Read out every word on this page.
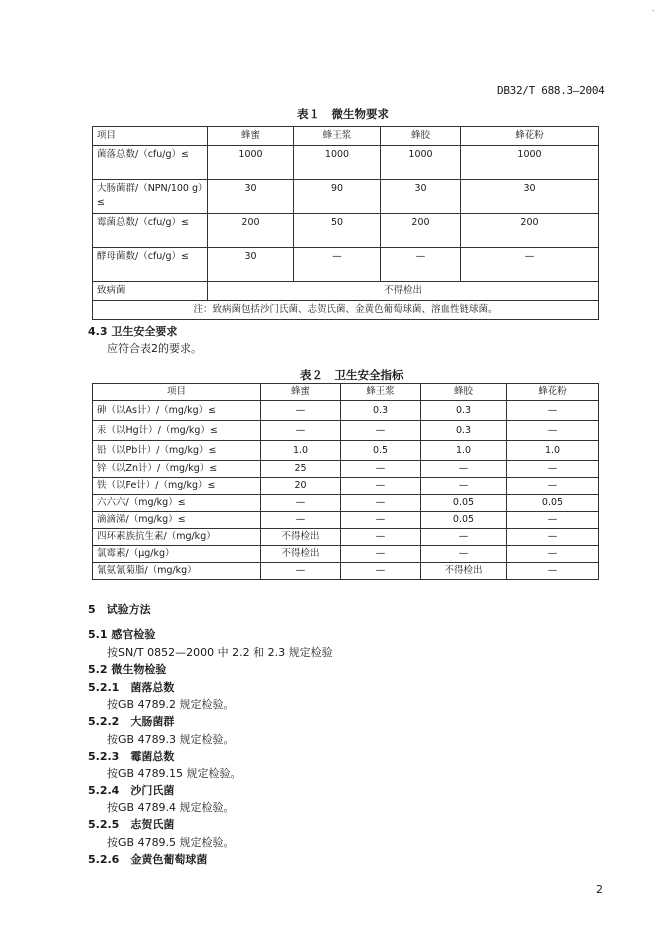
-
DB32/T 688.3—2004
表１　微生物要求
项目	蜂蜜	蜂王浆	蜂胶	蜂花粉
菌落总数/（cfu/g）≤	1000	1000	1000	1000
大肠菌群/（NPN/100 g）≤	30	90	30	30
霉菌总数/（cfu/g）≤	200	50	200	200
酵母菌数/（cfu/g）≤	30	—	—	—
致病菌	不得检出			
注：致病菌包括沙门氏菌、志贺氏菌、金黄色葡萄球菌、溶血性链球菌。				
4.3 卫生安全要求
应符合表2的要求。
表２　卫生安全指标
项目	蜂蜜	蜂王浆	蜂胶	蜂花粉
砷（以As计）/（mg/kg）≤	—	0.3	0.3	—
汞（以Hg计）/（mg/kg）≤	—	—	0.3	—
铅（以Pb计）/（mg/kg）≤	1.0	0.5	1.0	1.0
锌（以Zn计）/（mg/kg）≤	25	—	—	—
铁（以Fe计）/（mg/kg）≤	20	—	—	—
六六六/（mg/kg）≤	—	—	0.05	0.05
滴滴涕/（mg/kg）≤	—	—	0.05	—
四环素族抗生素/（mg/kg）	不得检出	—	—	—
氯霉素/（μg/kg）	不得检出	—	—	—
氰氨氰菊脂/（mg/kg）	—	—	不得检出	—
5　试验方法
5.1 感官检验
按SN/T 0852—2000 中 2.2 和 2.3 规定检验
5.2 微生物检验
5.2.1　菌落总数
按GB 4789.2 规定检验。
5.2.2　大肠菌群
按GB 4789.3 规定检验。
5.2.3　霉菌总数
按GB 4789.15 规定检验。
5.2.4　沙门氏菌
按GB 4789.4 规定检验。
5.2.5　志贺氏菌
按GB 4789.5 规定检验。
5.2.6　金黄色葡萄球菌
2
